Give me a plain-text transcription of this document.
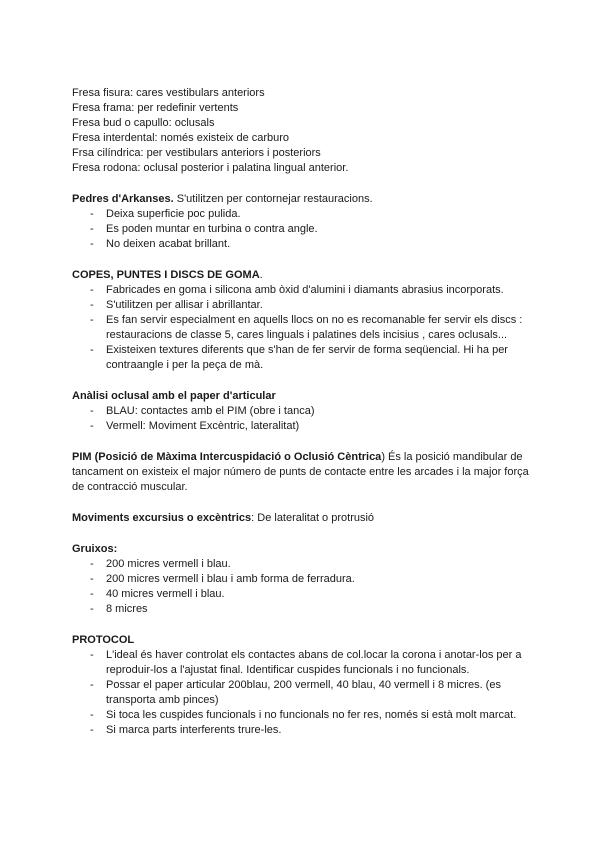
Fresa fisura: cares vestibulars anteriors

Fresa frama: per redefinir vertents

Fresa bud o capullo: oclusals

Fresa interdental: només existeix de carburo

Frsa cilíndrica: per vestibulars anteriors i posteriors

Fresa rodona: oclusal posterior i palatina lingual anterior.

Pedres d'Arkanses. S'utilitzen per contornejar restauracions.

- Deixa superficie poc pulida.
- Es poden muntar en turbina o contra angle.
- No deixen acabat brillant.

COPES, PUNTES I DISCS DE GOMA.

- Fabricades en goma i silicona amb òxid d'alumini i diamants abrasius incorporats.
- S'utilitzen per allisar i abrillantar.
- Es fan servir especialment en aquells llocs on no es recomanable fer servir els discs : restauracions de classe 5, cares linguals i palatines dels incisius , cares oclusals...
- Existeixen textures diferents que s'han de fer servir de forma seqüencial. Hi ha per contraangle i per la peça de mà.

Anàlisi oclusal amb el paper d'articular

- BLAU: contactes amb el PIM (obre i tanca)
- Vermell: Moviment Excèntric, lateralitat)

PIM (Posició de Màxima Intercuspidació o Oclusió Cèntrica) És la posició mandibular de tancament on existeix el major número de punts de contacte entre les arcades i la major força de contracció muscular.

Moviments excursius o excèntrics: De lateralitat o protrusió

Gruixos:

- 200 micres vermell i blau.
- 200 micres vermell i blau i amb forma de ferradura.
- 40 micres vermell i blau.
- 8 micres

PROTOCOL

- L'ideal és haver controlat els contactes abans de col.locar la corona i anotar-los per a reproduir-los a l'ajustat final. Identificar cuspides funcionals i no funcionals.
- Possar el paper articular 200blau, 200 vermell, 40 blau, 40 vermell i 8 micres. (es transporta amb pinces)
- Si toca les cuspides funcionals i no funcionals no fer res, només si està molt marcat.
- Si marca parts interferents trure-les.
